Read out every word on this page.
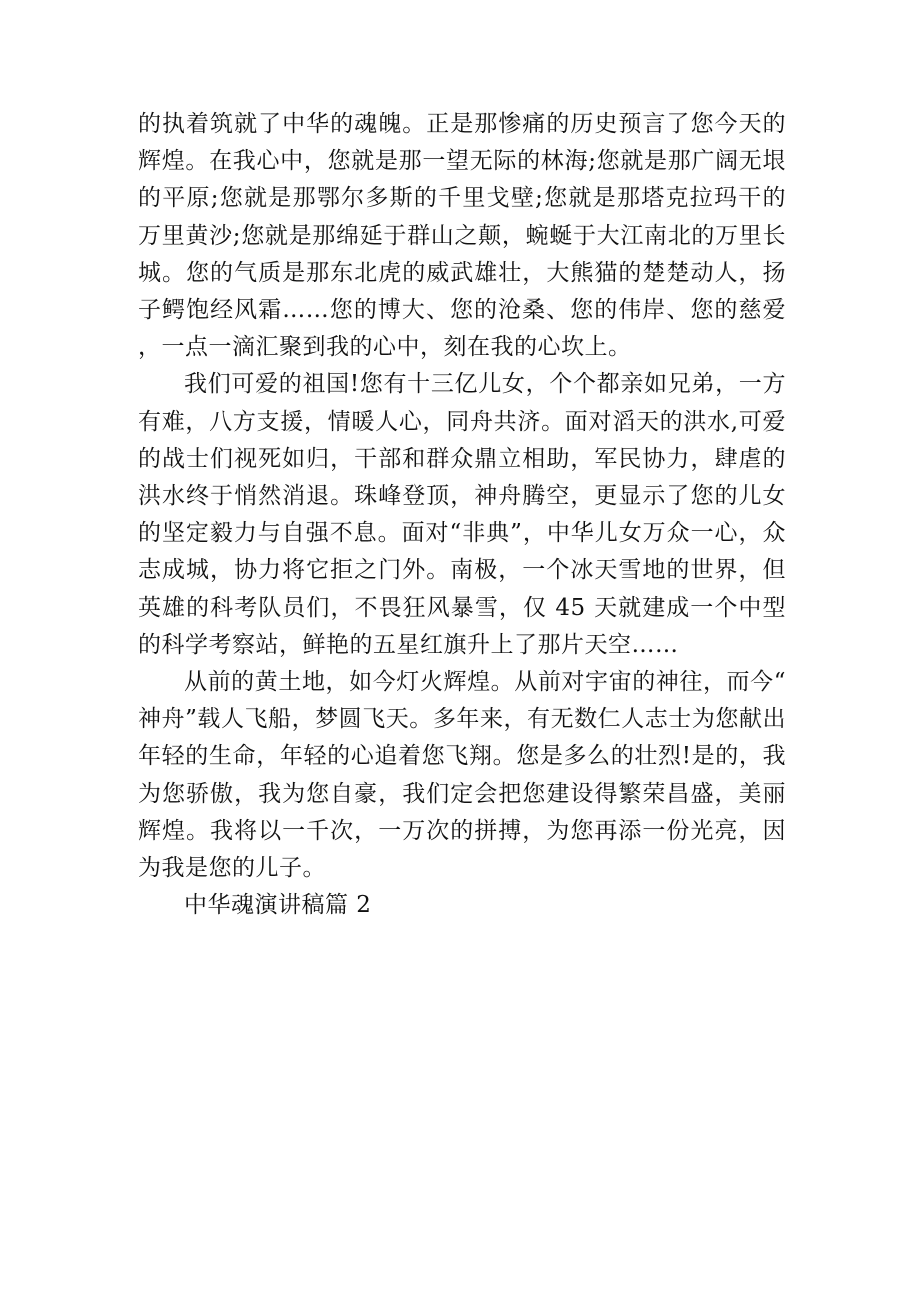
的执着筑就了中华的魂魄。正是那惨痛的历史预言了您今天的辉煌。在我心中，您就是那一望无际的林海;您就是那广阔无垠的平原;您就是那鄂尔多斯的千里戈壁;您就是那塔克拉玛干的万里黄沙;您就是那绵延于群山之颠，蜿蜒于大江南北的万里长城。您的气质是那东北虎的威武雄壮，大熊猫的楚楚动人，扬子鳄饱经风霜……您的博大、您的沧桑、您的伟岸、您的慈爱，一点一滴汇聚到我的心中，刻在我的心坎上。

我们可爱的祖国!您有十三亿儿女，个个都亲如兄弟，一方有难，八方支援，情暖人心，同舟共济。面对滔天的洪水,可爱的战士们视死如归，干部和群众鼎立相助，军民协力，肆虐的洪水终于悄然消退。珠峰登顶，神舟腾空，更显示了您的儿女的坚定毅力与自强不息。面对“非典”，中华儿女万众一心，众志成城，协力将它拒之门外。南极，一个冰天雪地的世界，但英雄的科考队员们，不畏狂风暴雪，仅 45 天就建成一个中型的科学考察站，鲜艳的五星红旗升上了那片天空……

从前的黄土地，如今灯火辉煌。从前对宇宙的神往，而今“神舟”载人飞船，梦圆飞天。多年来，有无数仁人志士为您献出年轻的生命，年轻的心追着您飞翔。您是多么的壮烈!是的，我为您骄傲，我为您自豪，我们定会把您建设得繁荣昌盛，美丽辉煌。我将以一千次，一万次的拼搏，为您再添一份光亮，因为我是您的儿子。

中华魂演讲稿篇 2
